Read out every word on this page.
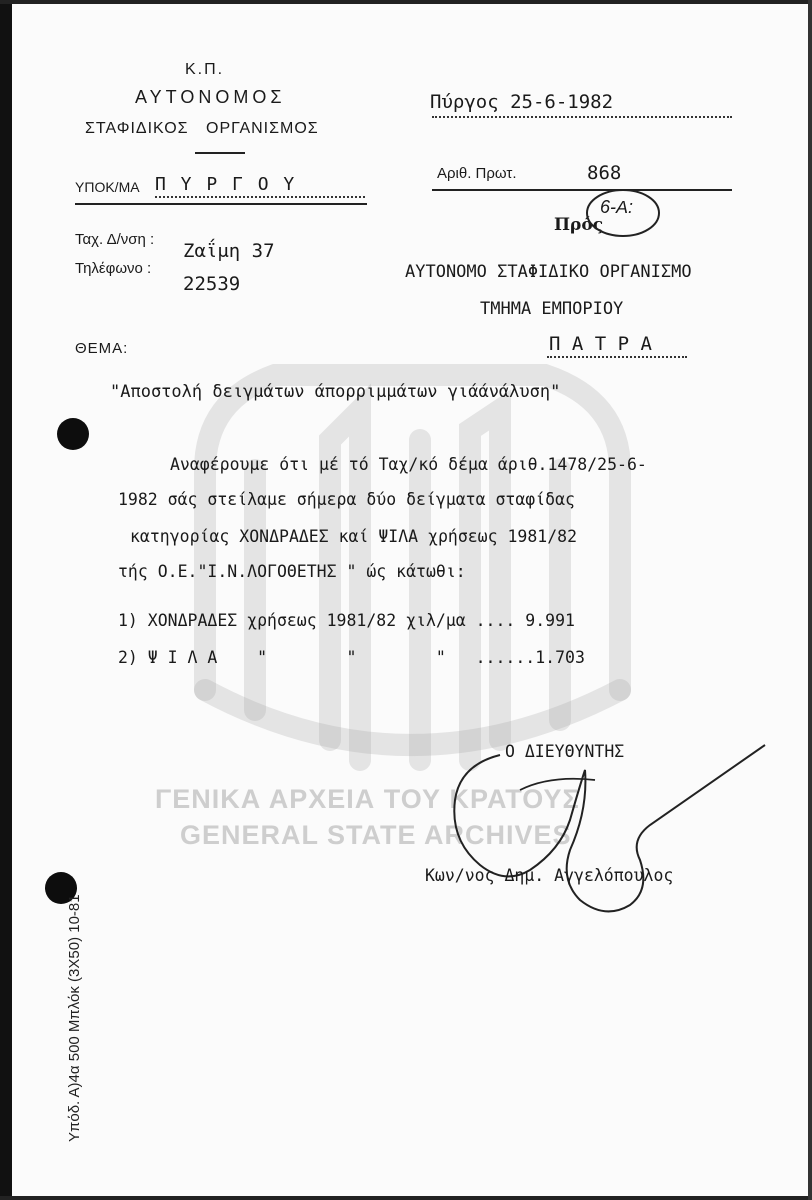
ΓΕΝΙΚΑ ΑΡΧΕΙΑ ΤΟΥ ΚΡΑΤΟΥΣ
GENERAL STATE ARCHIVES
Κ.Π.
ΑΥΤΟΝΟΜΟΣ
ΣΤΑΦΙΔΙΚΟΣ ΟΡΓΑΝΙΣΜΟΣ
ΥΠΟΚ/ΜΑ Π Υ Ρ Γ Ο Υ
Ταχ. Δ/νση :
Ζαΐμη 37
Τηλέφωνο :
22539
Πύργος 25-6-1982
Αριθ. Πρωτ.	868
Πρός
6-Α:
ΑΥΤΟΝΟΜΟ ΣΤΑΦΙΔΙΚΟ ΟΡΓΑΝΙΣΜΟ
ΤΜΗΜΑ ΕΜΠΟΡΙΟΥ
Π Α Τ Ρ Α
ΘΕΜΑ:
"Αποστολή δειγμάτων άπορριμμάτων γιάάνάλυση"
Αναφέρουμε ότι μέ τό Ταχ/κό δέμα άριθ.1478/25-6-
1982 σάς στείλαμε σήμερα δύο δείγματα σταφίδας
κατηγορίας ΧΟΝΔΡΑΔΕΣ καί ΨΙΛΑ χρήσεως 1981/82
τής Ο.Ε."Ι.Ν.ΛΟΓΟΘΕΤΗΣ " ώς κάτωθι:
1) ΧΟΝΔΡΑΔΕΣ χρήσεως 1981/82 χιλ/μα .... 9.991
2) Ψ Ι Λ Α    "        "        "   ......1.703
Ο ΔΙΕΥΘΥΝΤΗΣ
Κων/νος Δημ. Αγγελόπουλος
Υπόδ. Α)4α 500 Μπλόκ (3Χ50) 10-81
